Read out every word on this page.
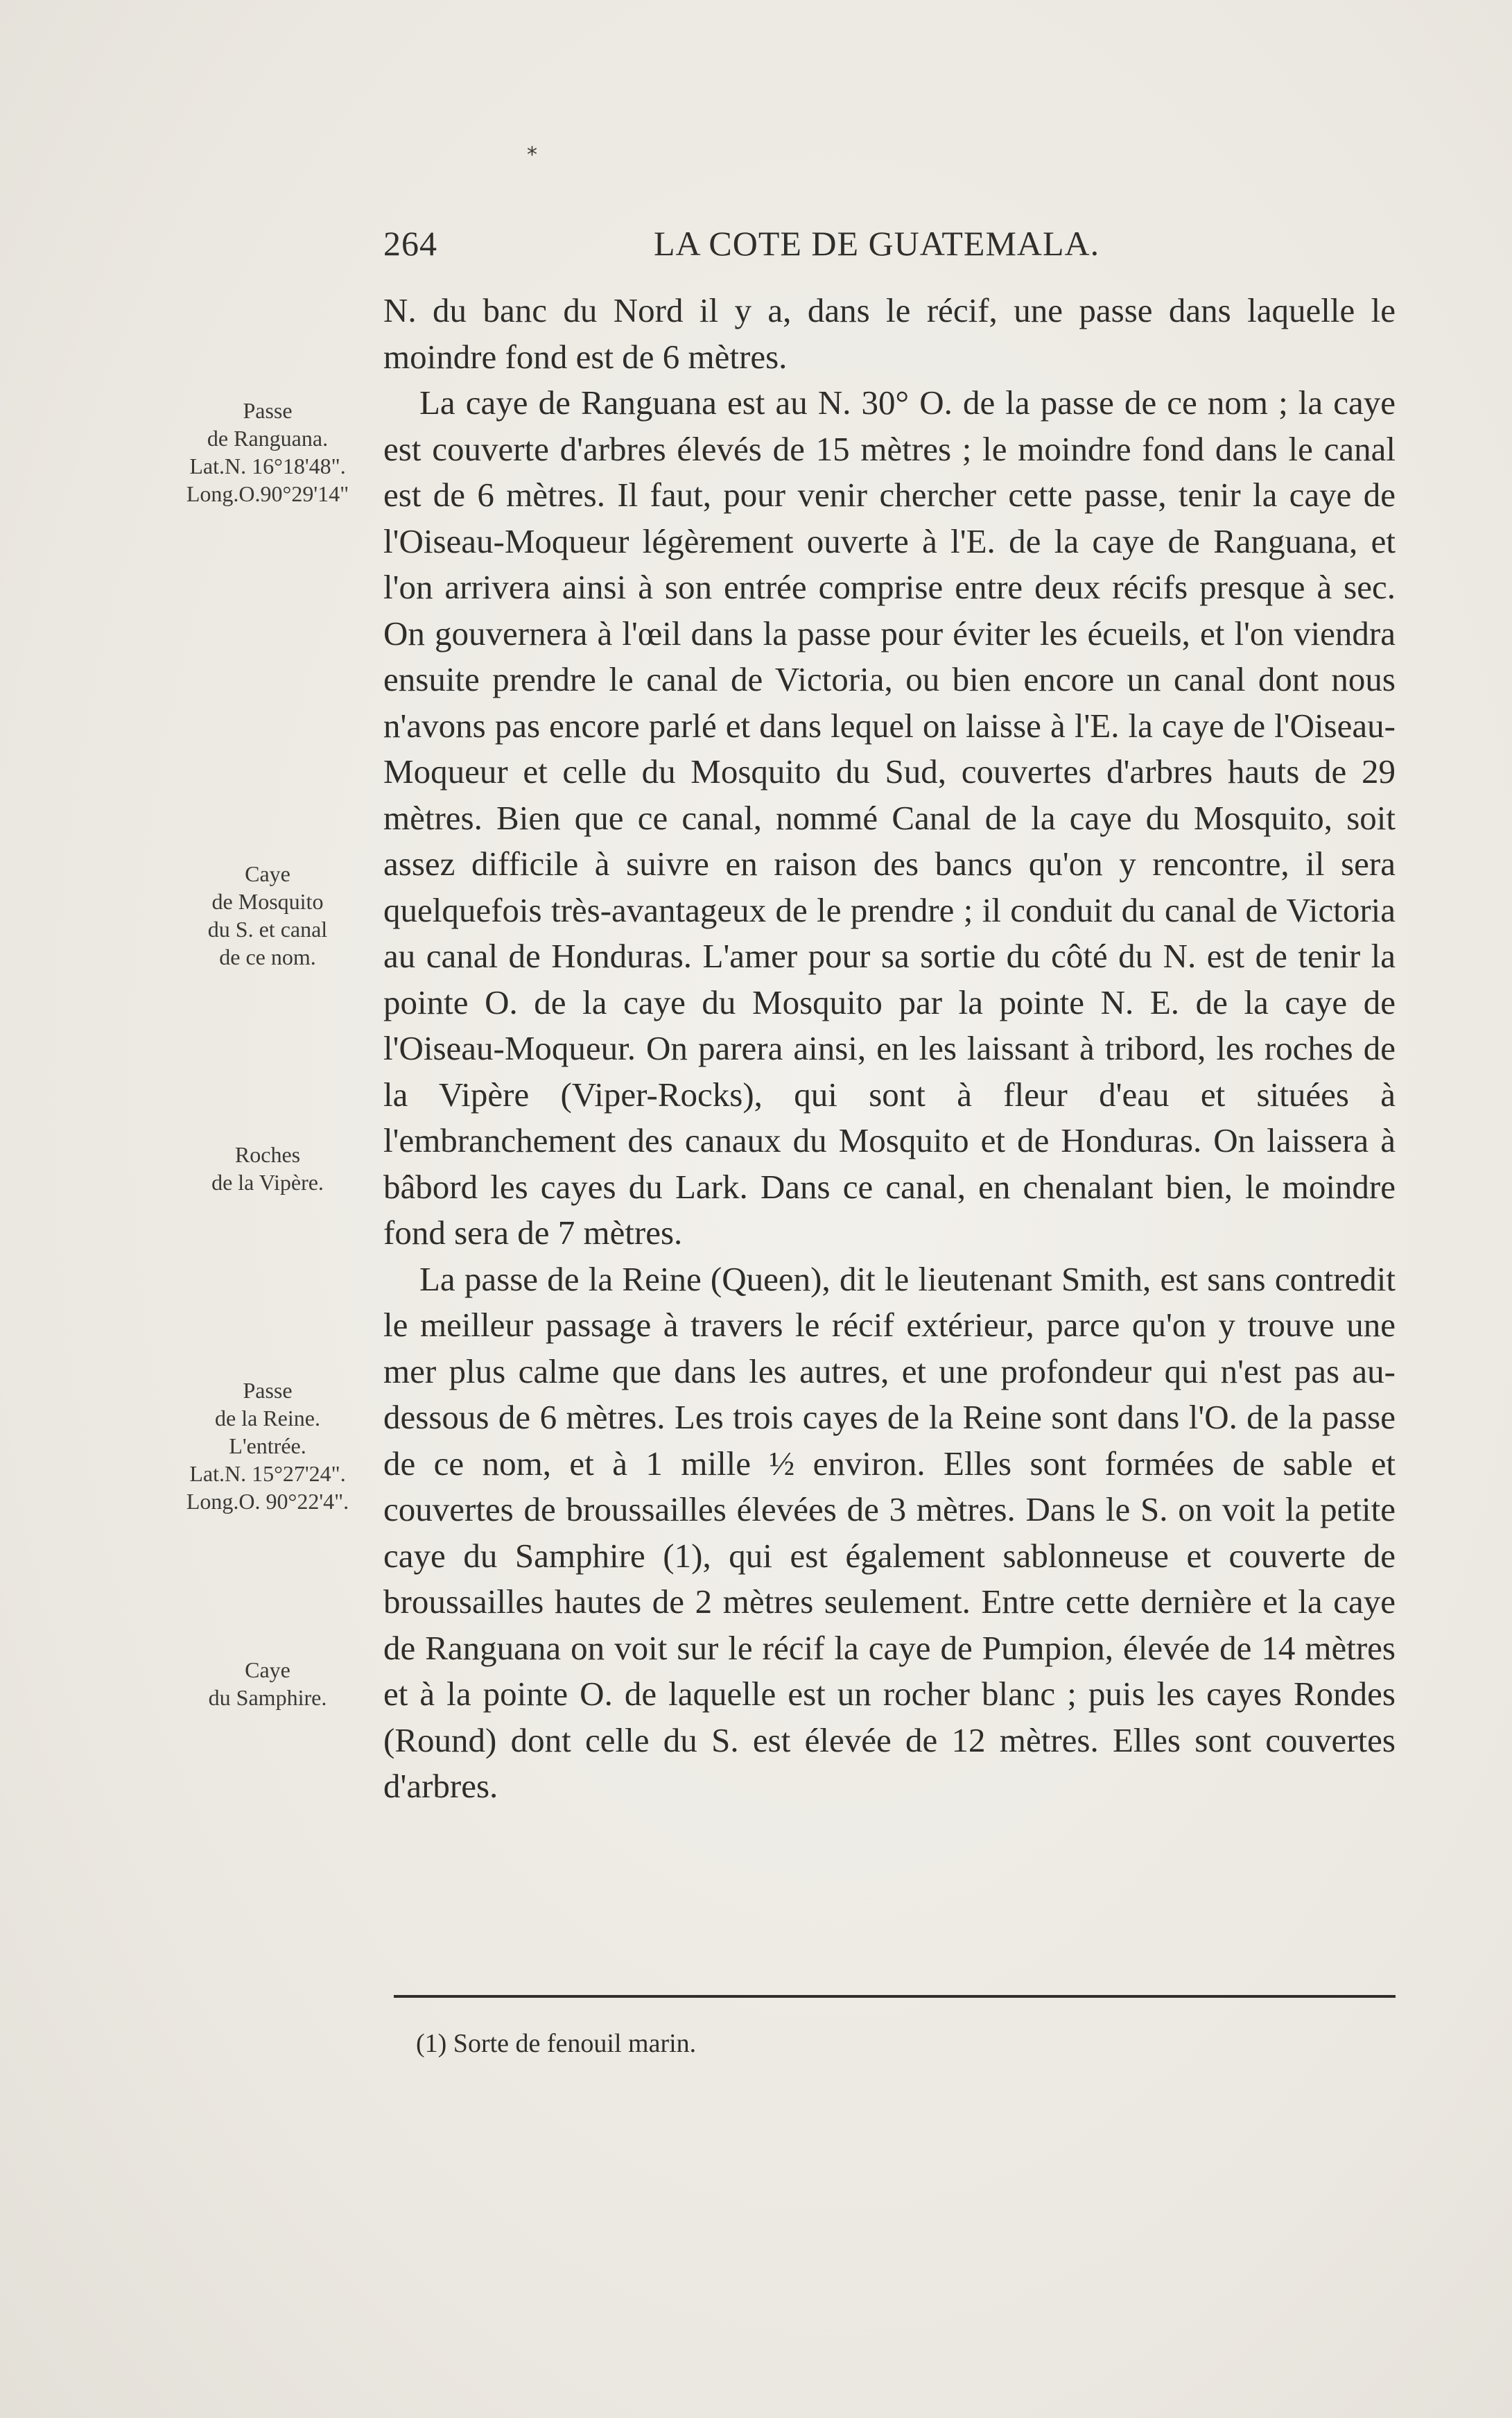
*
264	LA COTE DE GUATEMALA.
Passe
de Ranguana.
Lat.N. 16°18'48".
Long.O.90°29'14"
Caye
de Mosquito
du S. et canal
de ce nom.
Roches
de la Vipère.
Passe
de la Reine.
L'entrée.
Lat.N. 15°27'24".
Long.O. 90°22'4".
Caye
du Samphire.

N. du banc du Nord il y a, dans le récif, une passe dans laquelle le moindre fond est de 6 mètres.

La caye de Ranguana est au N. 30° O. de la passe de ce nom ; la caye est couverte d'arbres élevés de 15 mètres ; le moindre fond dans le canal est de 6 mètres. Il faut, pour venir chercher cette passe, tenir la caye de l'Oiseau-Moqueur légèrement ouverte à l'E. de la caye de Ranguana, et l'on arrivera ainsi à son entrée comprise entre deux récifs presque à sec. On gouvernera à l'œil dans la passe pour éviter les écueils, et l'on viendra ensuite prendre le canal de Victoria, ou bien encore un canal dont nous n'avons pas encore parlé et dans lequel on laisse à l'E. la caye de l'Oiseau-Moqueur et celle du Mosquito du Sud, couvertes d'arbres hauts de 29 mètres. Bien que ce canal, nommé Canal de la caye du Mosquito, soit assez difficile à suivre en raison des bancs qu'on y rencontre, il sera quelquefois très-avantageux de le prendre ; il conduit du canal de Victoria au canal de Honduras. L'amer pour sa sortie du côté du N. est de tenir la pointe O. de la caye du Mosquito par la pointe N. E. de la caye de l'Oiseau-Moqueur. On parera ainsi, en les laissant à tribord, les roches de la Vipère (Viper-Rocks), qui sont à fleur d'eau et situées à l'embranchement des canaux du Mosquito et de Honduras. On laissera à bâbord les cayes du Lark. Dans ce canal, en chenalant bien, le moindre fond sera de 7 mètres.

La passe de la Reine (Queen), dit le lieutenant Smith, est sans contredit le meilleur passage à travers le récif extérieur, parce qu'on y trouve une mer plus calme que dans les autres, et une profondeur qui n'est pas au-dessous de 6 mètres. Les trois cayes de la Reine sont dans l'O. de la passe de ce nom, et à 1 mille ½ environ. Elles sont formées de sable et couvertes de broussailles élevées de 3 mètres. Dans le S. on voit la petite caye du Samphire (1), qui est également sablonneuse et couverte de broussailles hautes de 2 mètres seulement. Entre cette dernière et la caye de Ranguana on voit sur le récif la caye de Pumpion, élevée de 14 mètres et à la pointe O. de laquelle est un rocher blanc ; puis les cayes Rondes (Round) dont celle du S. est élevée de 12 mètres. Elles sont couvertes d'arbres.

(1) Sorte de fenouil marin.
